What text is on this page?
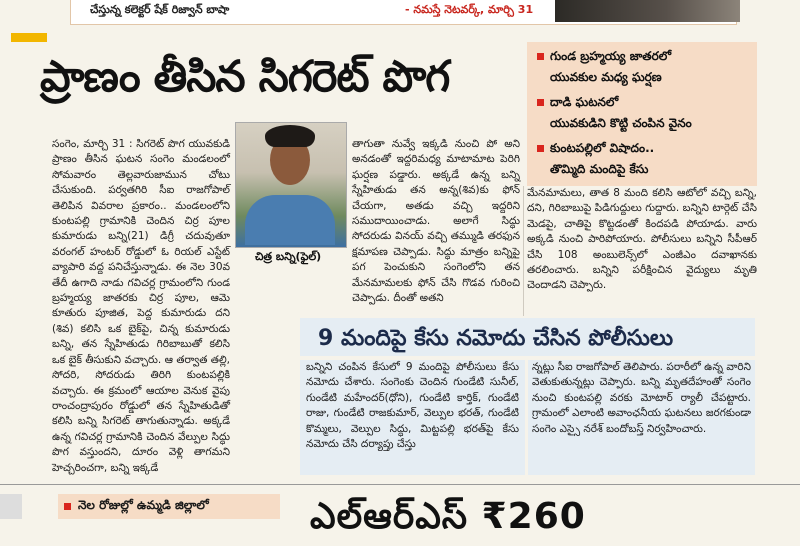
చేస్తున్న కలెక్టర్ షేక్ రిజ్వాన్ బాషా	- నమస్తే నెటవర్క్, మార్చి 31
ప్రాణం తీసిన సిగరెట్ పొగ	గుండ బ్రహ్మయ్య జాతరలో
యువకుల మధ్య ఘర్షణ
దాడి ఘటనలో
యువకుడిని కొట్టి చంపిన వైనం
కుంటపల్లిలో విషాదం..
తొమ్మిది మందిపై కేసు

సంగెం, మార్చి 31 : సిగరెట్ పొగ యువకుడి ప్రాణం తీసిన ఘటన సంగెం మండలంలో సోమవారం తెల్లవారుజామున చోటు చేసుకుంది. పర్వతగిరి సీఐ రాజగోపాల్ తెలిపిన వివరాల ప్రకారం.. మండలంలోని కుంటపల్లి గ్రామానికి చెందిన చిర్ర పూల కుమారుడు బన్ని(21) డిగ్రీ చదువుతూ వరంగల్ హంటర్ రోడ్డులో ఓ రియల్ ఎస్టేట్ వ్యాపారి వద్ద పనిచేస్తున్నాడు. ఈ నెల 30వ తేదీ ఉగాది నాడు గవిచర్ల గ్రామంలోని గుండ బ్రహ్మయ్య జాతరకు చిర్ర పూల, ఆమె కూతురు పూజిత, పెద్ద కుమారుడు దని (శివ) కలిసి ఒక బైక్‌పై, చిన్న కుమారుడు బన్ని, తన స్నేహితుడు గిరిబాబుతో కలిసి ఒక బైక్ తీసుకుని వచ్చారు. ఆ తర్వాత తల్లి, సోదరి, సోదరుడు తిరిగి కుంటపల్లికి వచ్చారు. ఈ క్రమంలో ఆయాల వెనుక వైపు రాంచంద్రాపురం రోడ్డులో తన స్నేహితుడితో కలిసి బన్ని సిగరెట్ తాగుతున్నాడు. అక్కడే ఉన్న గవిచర్ల గ్రామానికి చెందిన వేల్పుల సిద్ధు పొగ వస్తుందని, దూరం వెళ్లి తాగమని హెచ్చరించగా, బన్ని ఇక్కడే

చిత్ర బన్ని(ఫైల్)

తాగుతా నువ్వే ఇక్కడి నుంచి పో అని అనడంతో ఇద్దరిమధ్య మాటామాట పెరిగి ఘర్షణ పడ్డారు. అక్కడే ఉన్న బన్ని స్నేహితుడు తన అన్న(శివ)కు ఫోన్ చేయగా, అతడు వచ్చి ఇద్దరిని సముదాయించాడు. అలాగే సిద్ధు సోదరుడు వినయ్ వచ్చి తమ్ముడి తరఫున క్షమాపణ చెప్పాడు. సిద్ధు మాత్రం బన్నిపై పగ పెంచుకుని సంగెంలోని తన మేనమామలకు ఫోన్ చేసి గొడవ గురించి చెప్పాడు. దీంతో అతని

మేనమామలు, తాత 8 మంది కలిసి ఆటోలో వచ్చి బన్ని, దని, గిరిబాబుపై పిడిగుద్దులు గుద్దారు. బన్నిని టార్గెట్ చేసి మెడపై, చాతిపై కొట్టడంతో కిందపడి పోయాడు. వారు అక్కడి నుంచి పారిపోయారు. పోలీసులు బన్నిని సీపీఆర్ చేసి 108 అంబులెన్స్‌లో ఎంజీఎం దవాఖానకు తరలించారు. బన్నిని పరీక్షించిన వైద్యులు మృతి చెందాడని చెప్పారు.

9 మందిపై కేసు నమోదు చేసిన పోలీసులు

బన్నిని చంపిన కేసులో 9 మందిపై పోలీసులు కేసు నమోదు చేశారు. సంగెంకు చెందిన గుండేటి సునీల్, గుండేటి మహేందర్(ధోని), గుండేటి కార్తిక్, గుండేటి రాజు, గుండేటి రాజకుమార్, వెల్పుల భరత్, గుండేటి కొమ్మలు, వెల్పుల సిద్ధు, మిట్టపల్లి భరత్‌పై కేసు నమోదు చేసి దర్యాప్తు చేస్తు

న్నట్లు సీఐ రాజగోపాల్ తెలిపారు. పరారీలో ఉన్న వారిని వెతుకుతున్నట్లు చెప్పారు. బన్ని మృతదేహంతో సంగెం నుంచి కుంటపల్లి వరకు మోటార్ ర్యాలీ చేపట్టారు. గ్రామంలో ఎలాంటి అవాంఛనీయ ఘటనలు జరగకుండా సంగెం ఎస్సై నరేశ్ బందోబస్త్ నిర్వహించారు.

నెల రోజుల్లో ఉమ్మడి జిల్లాలో	ఎల్ఆర్ఎస్ ₹260
